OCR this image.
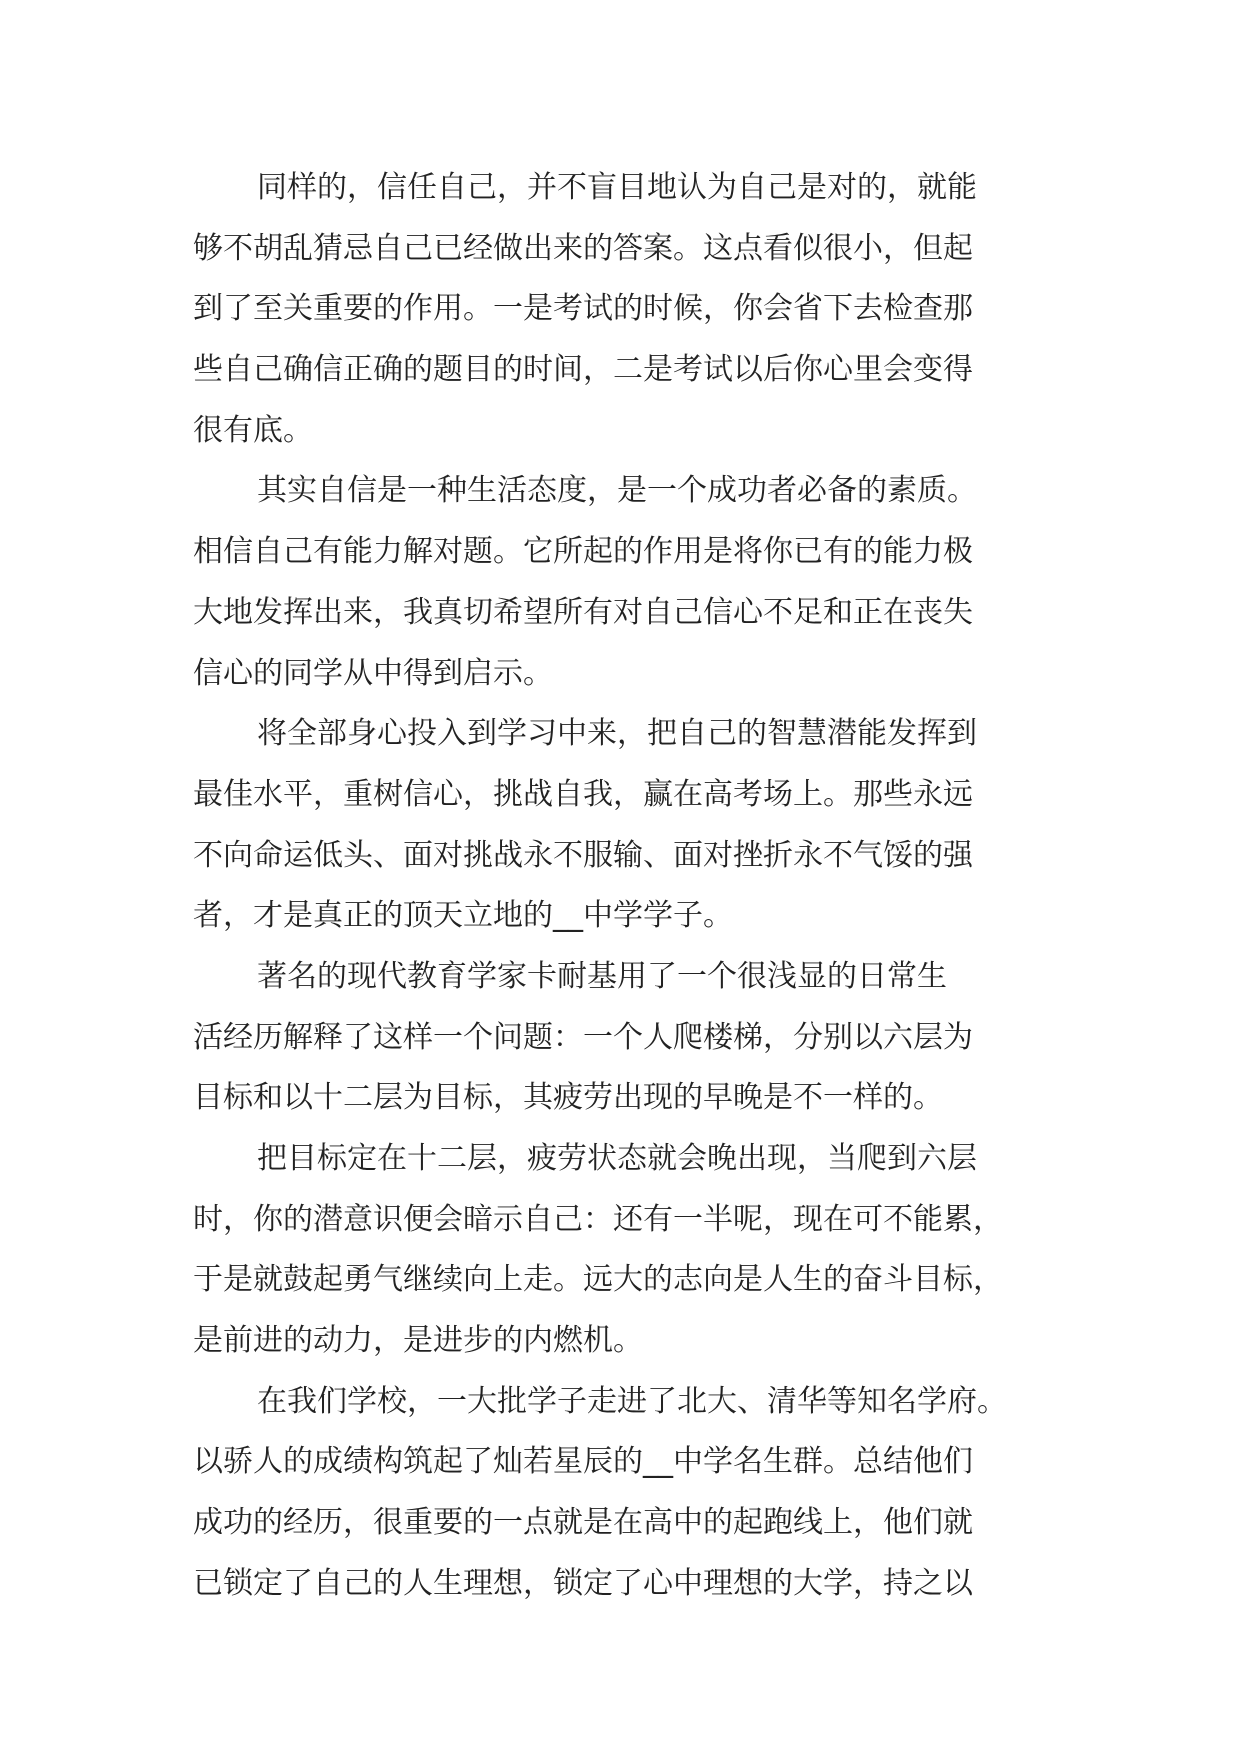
同样的，信任自己，并不盲目地认为自己是对的，就能
够不胡乱猜忌自己已经做出来的答案。这点看似很小，但起
到了至关重要的作用。一是考试的时候，你会省下去检查那
些自己确信正确的题目的时间，二是考试以后你心里会变得
很有底。
其实自信是一种生活态度，是一个成功者必备的素质。
相信自己有能力解对题。它所起的作用是将你已有的能力极
大地发挥出来，我真切希望所有对自己信心不足和正在丧失
信心的同学从中得到启示。
将全部身心投入到学习中来，把自己的智慧潜能发挥到
最佳水平，重树信心，挑战自我，赢在高考场上。那些永远
不向命运低头、面对挑战永不服输、面对挫折永不气馁的强
者，才是真正的顶天立地的__中学学子。
著名的现代教育学家卡耐基用了一个很浅显的日常生
活经历解释了这样一个问题：一个人爬楼梯，分别以六层为
目标和以十二层为目标，其疲劳出现的早晚是不一样的。
把目标定在十二层，疲劳状态就会晚出现，当爬到六层
时，你的潜意识便会暗示自己：还有一半呢，现在可不能累，
于是就鼓起勇气继续向上走。远大的志向是人生的奋斗目标，
是前进的动力，是进步的内燃机。
在我们学校，一大批学子走进了北大、清华等知名学府。
以骄人的成绩构筑起了灿若星辰的__中学名生群。总结他们
成功的经历，很重要的一点就是在高中的起跑线上，他们就
已锁定了自己的人生理想，锁定了心中理想的大学，持之以
